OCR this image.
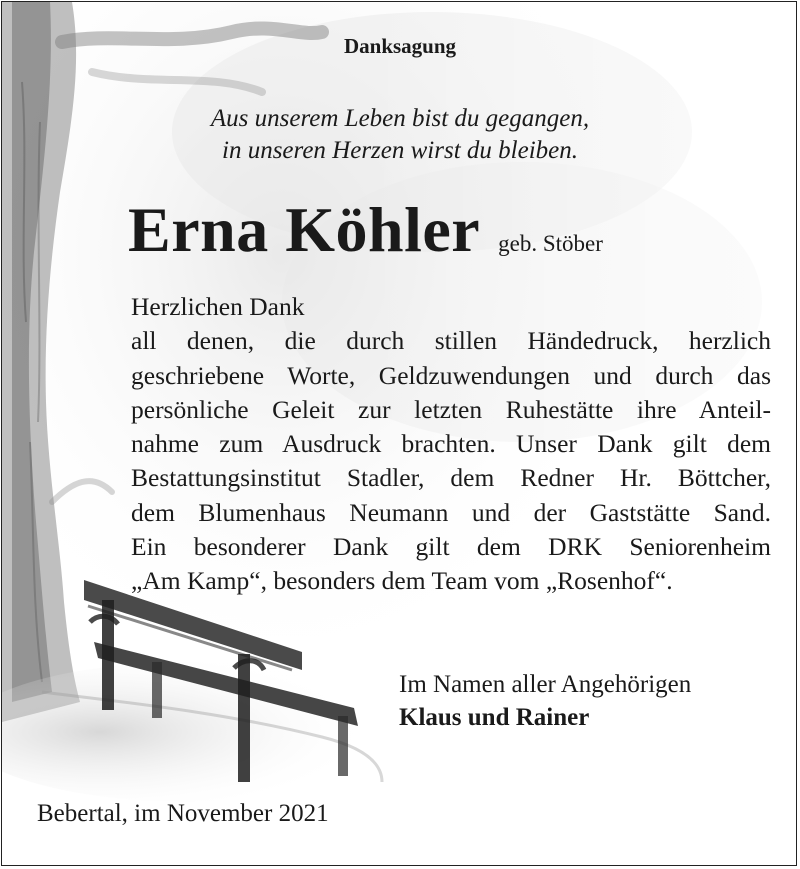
Danksagung
Aus unserem Leben bist du gegangen,
in unseren Herzen wirst du bleiben.
Erna Köhler geb. Stöber
Herzlichen Dank
all denen, die durch stillen Händedruck, herzlich
geschriebene Worte, Geldzuwendungen und durch das
persönliche Geleit zur letzten Ruhestätte ihre Anteil-
nahme zum Ausdruck brachten. Unser Dank gilt dem
Bestattungsinstitut Stadler, dem Redner Hr. Böttcher,
dem Blumenhaus Neumann und der Gaststätte Sand.
Ein besonderer Dank gilt dem DRK Seniorenheim
„Am Kamp“, besonders dem Team vom „Rosenhof“.
Im Namen aller Angehörigen
Klaus und Rainer
Bebertal, im November 2021
